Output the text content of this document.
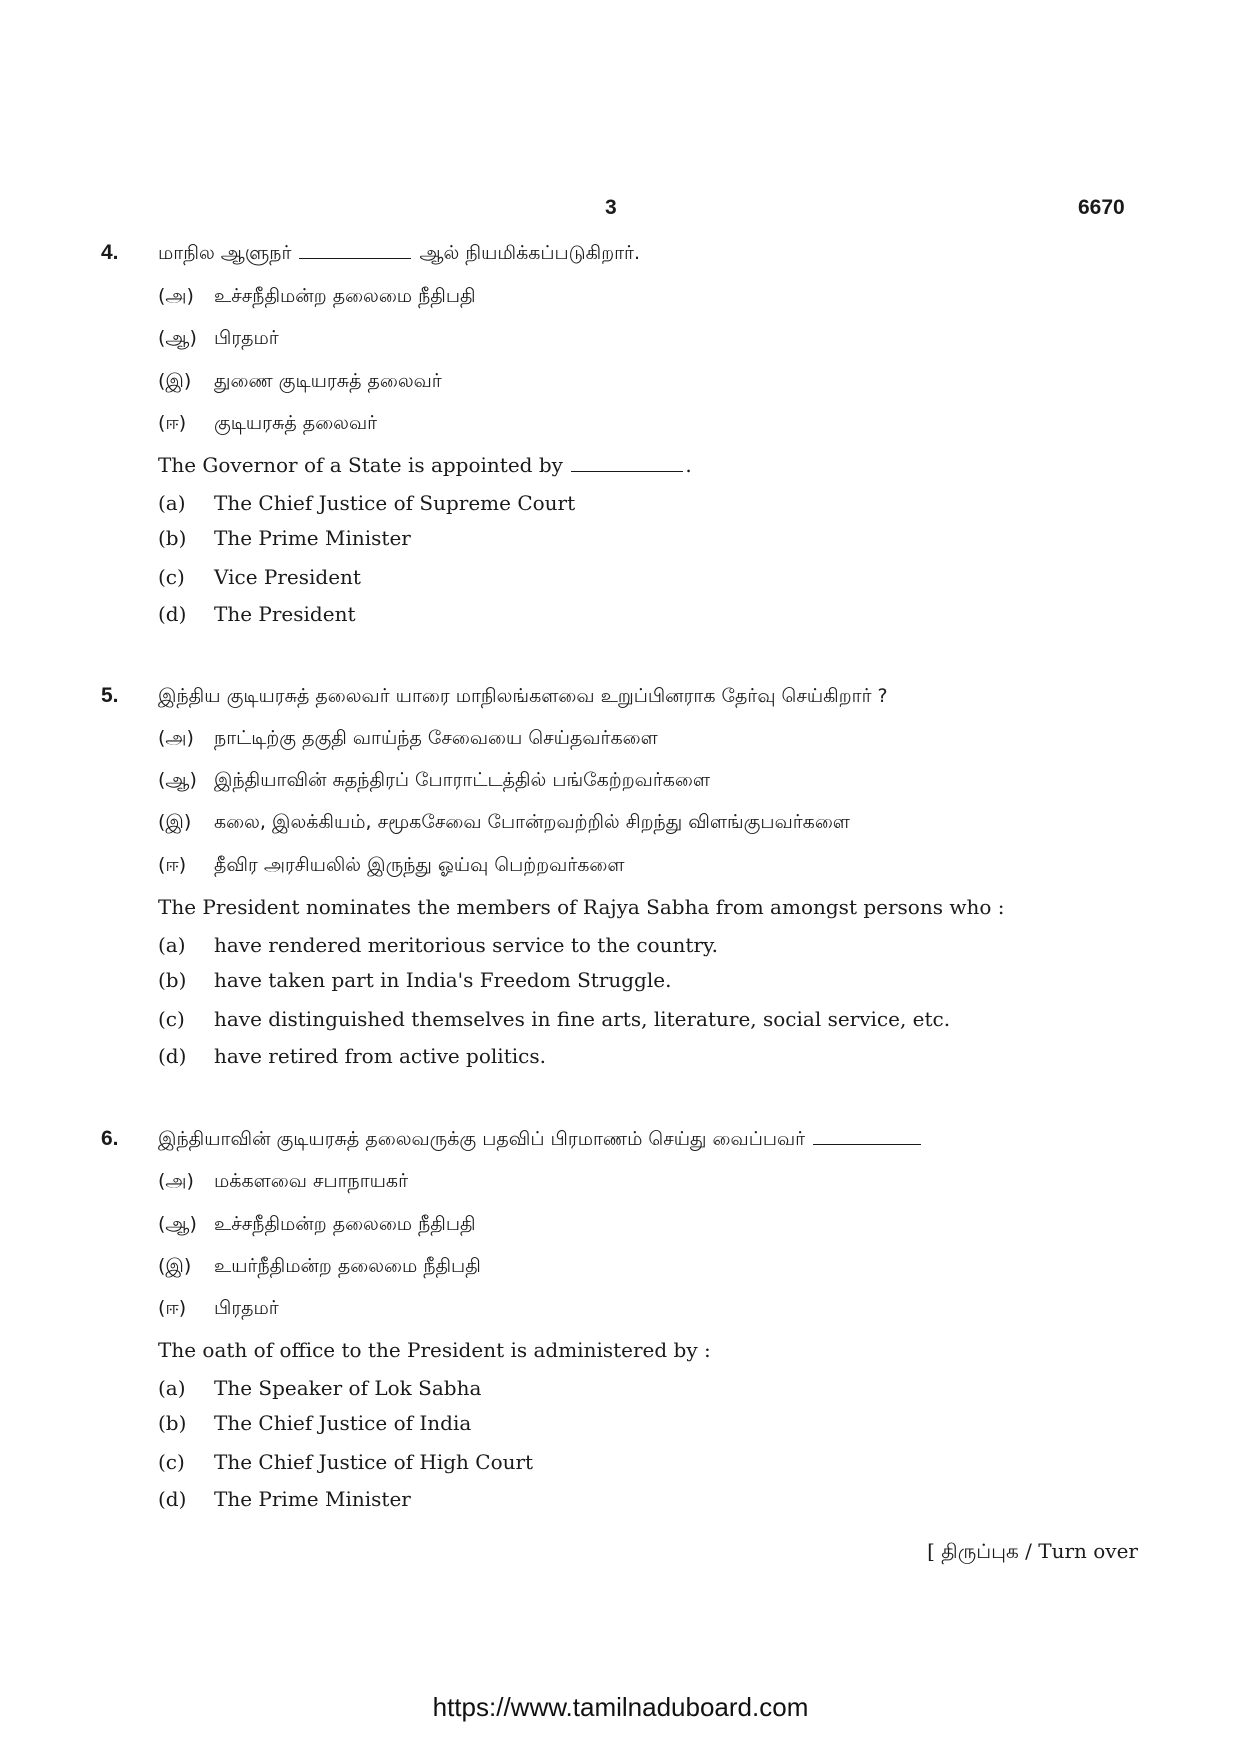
3	6670
4. மாநில ஆளுநர்	ஆல் நியமிக்கப்படுகிறார்.
(அ) உச்சநீதிமன்ற தலைமை நீதிபதி
(ஆ) பிரதமர்
(இ) துணை குடியரசுத் தலைவர்
(ஈ) குடியரசுத் தலைவர்
The Governor of a State is appointed by	.
(a) The Chief Justice of Supreme Court
(b) The Prime Minister
(c) Vice President
(d) The President
5. இந்திய குடியரசுத் தலைவர் யாரை மாநிலங்களவை உறுப்பினராக தேர்வு செய்கிறார் ?
(அ) நாட்டிற்கு தகுதி வாய்ந்த சேவையை செய்தவர்களை
(ஆ) இந்தியாவின் சுதந்திரப் போராட்டத்தில் பங்கேற்றவர்களை
(இ) கலை, இலக்கியம், சமூகசேவை போன்றவற்றில் சிறந்து விளங்குபவர்களை
(ஈ) தீவிர அரசியலில் இருந்து ஓய்வு பெற்றவர்களை
The President nominates the members of Rajya Sabha from amongst persons who :
(a) have rendered meritorious service to the country.
(b) have taken part in India's Freedom Struggle.
(c) have distinguished themselves in fine arts, literature, social service, etc.
(d) have retired from active politics.
6. இந்தியாவின் குடியரசுத் தலைவருக்கு பதவிப் பிரமாணம் செய்து வைப்பவர்
(அ) மக்களவை சபாநாயகர்
(ஆ) உச்சநீதிமன்ற தலைமை நீதிபதி
(இ) உயர்நீதிமன்ற தலைமை நீதிபதி
(ஈ) பிரதமர்
The oath of office to the President is administered by :
(a) The Speaker of Lok Sabha
(b) The Chief Justice of India
(c) The Chief Justice of High Court
(d) The Prime Minister
[ திருப்புக / Turn over
https://www.tamilnaduboard.com
